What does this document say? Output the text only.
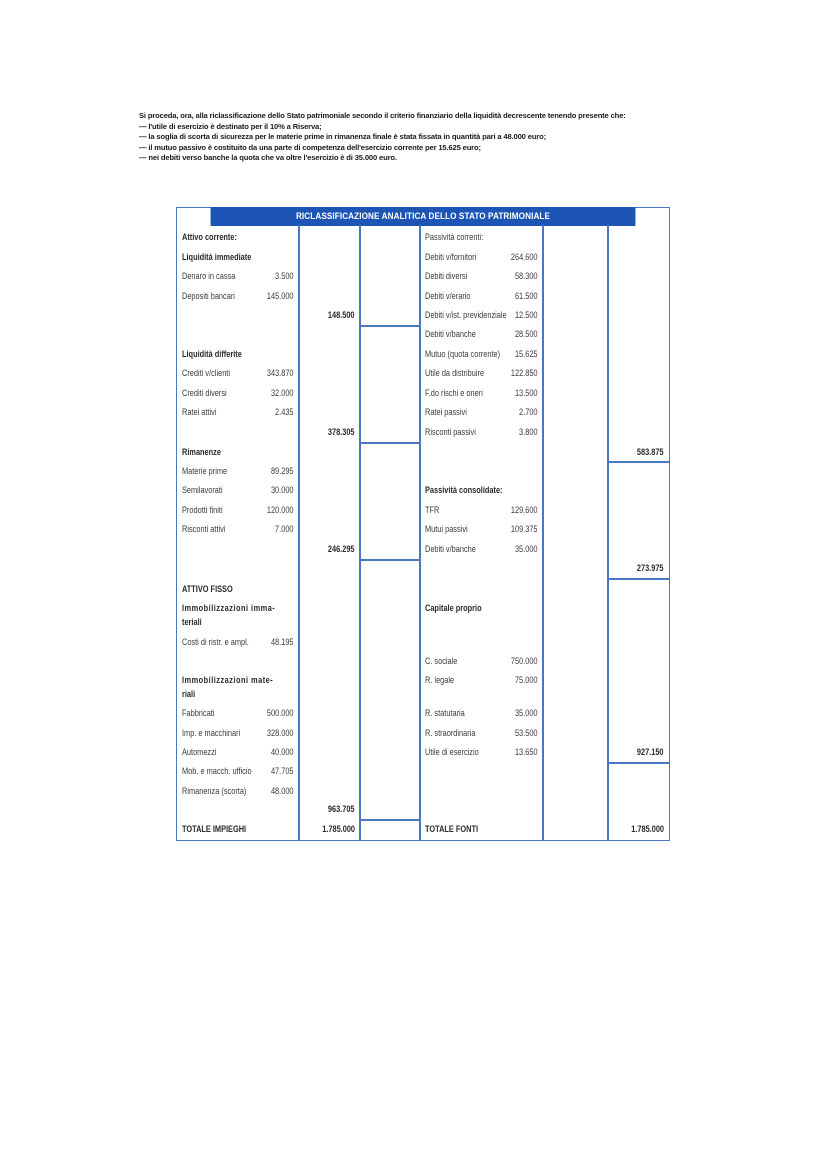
Si proceda, ora, alla riclassificazione dello Stato patrimoniale secondo il criterio finanziario della liquidità decrescente tenendo presente che:

— l'utile di esercizio è destinato per il 10% a Riserva;

— la soglia di scorta di sicurezza per le materie prime in rimanenza finale è stata fissata in quantità pari a 48.000 euro;

— il mutuo passivo è costituito da una parte di competenza dell'esercizio corrente per 15.625 euro;

— nei debiti verso banche la quota che va oltre l'esercizio è di 35.000 euro.

RICLASSIFICAZIONE ANALITICA DELLO STATO PATRIMONIALE
Attivo corrente:
Liquidità immediate
Denaro in cassa	3.500
Depositi bancari	145.000
148.500
Liquidità differite
Crediti v/clienti	343.870
Crediti diversi	32.000
Ratei attivi	2.435
378.305
Rimanenze
Materie prime	89.295
Semilavorati	30.000
Prodotti finiti	120.000
Risconti attivi	7.000
246.295
ATTIVO FISSO
Immobilizzazioni imma-
teriali
Costi di ristr. e ampl.	48.195
Immobilizzazioni mate-
riali
Fabbricati	500.000
Imp. e macchinari	328.000
Automezzi	40.000
Mob. e macch. ufficio 47.705
Rimanenza (scorta)	48.000
963.705
TOTALE IMPIEGHI	1.785.000
Passività correnti:
Debiti v/fornitori	264.600
Debiti diversi	58.300
Debiti v/erario	61.500
Debiti v/ist. previdenziale 12.500
Debiti v/banche	28.500
Mutuo (quota corrente) 15.625
Utile da distribuire	122.850
F.do rischi e oneri	13.500
Ratei passivi	2.700
Risconti passivi	3.800
583.875
Passività consolidate:
TFR	129.600
Mutui passivi	109.375
Debiti v/banche	35.000
273.975
Capitale proprio
C. sociale	750.000
R. legale	75.000
R. statutaria	35.000
R. straordinaria	53.500
Utile di esercizio	13.650	927.150
TOTALE FONTI	1.785.000
